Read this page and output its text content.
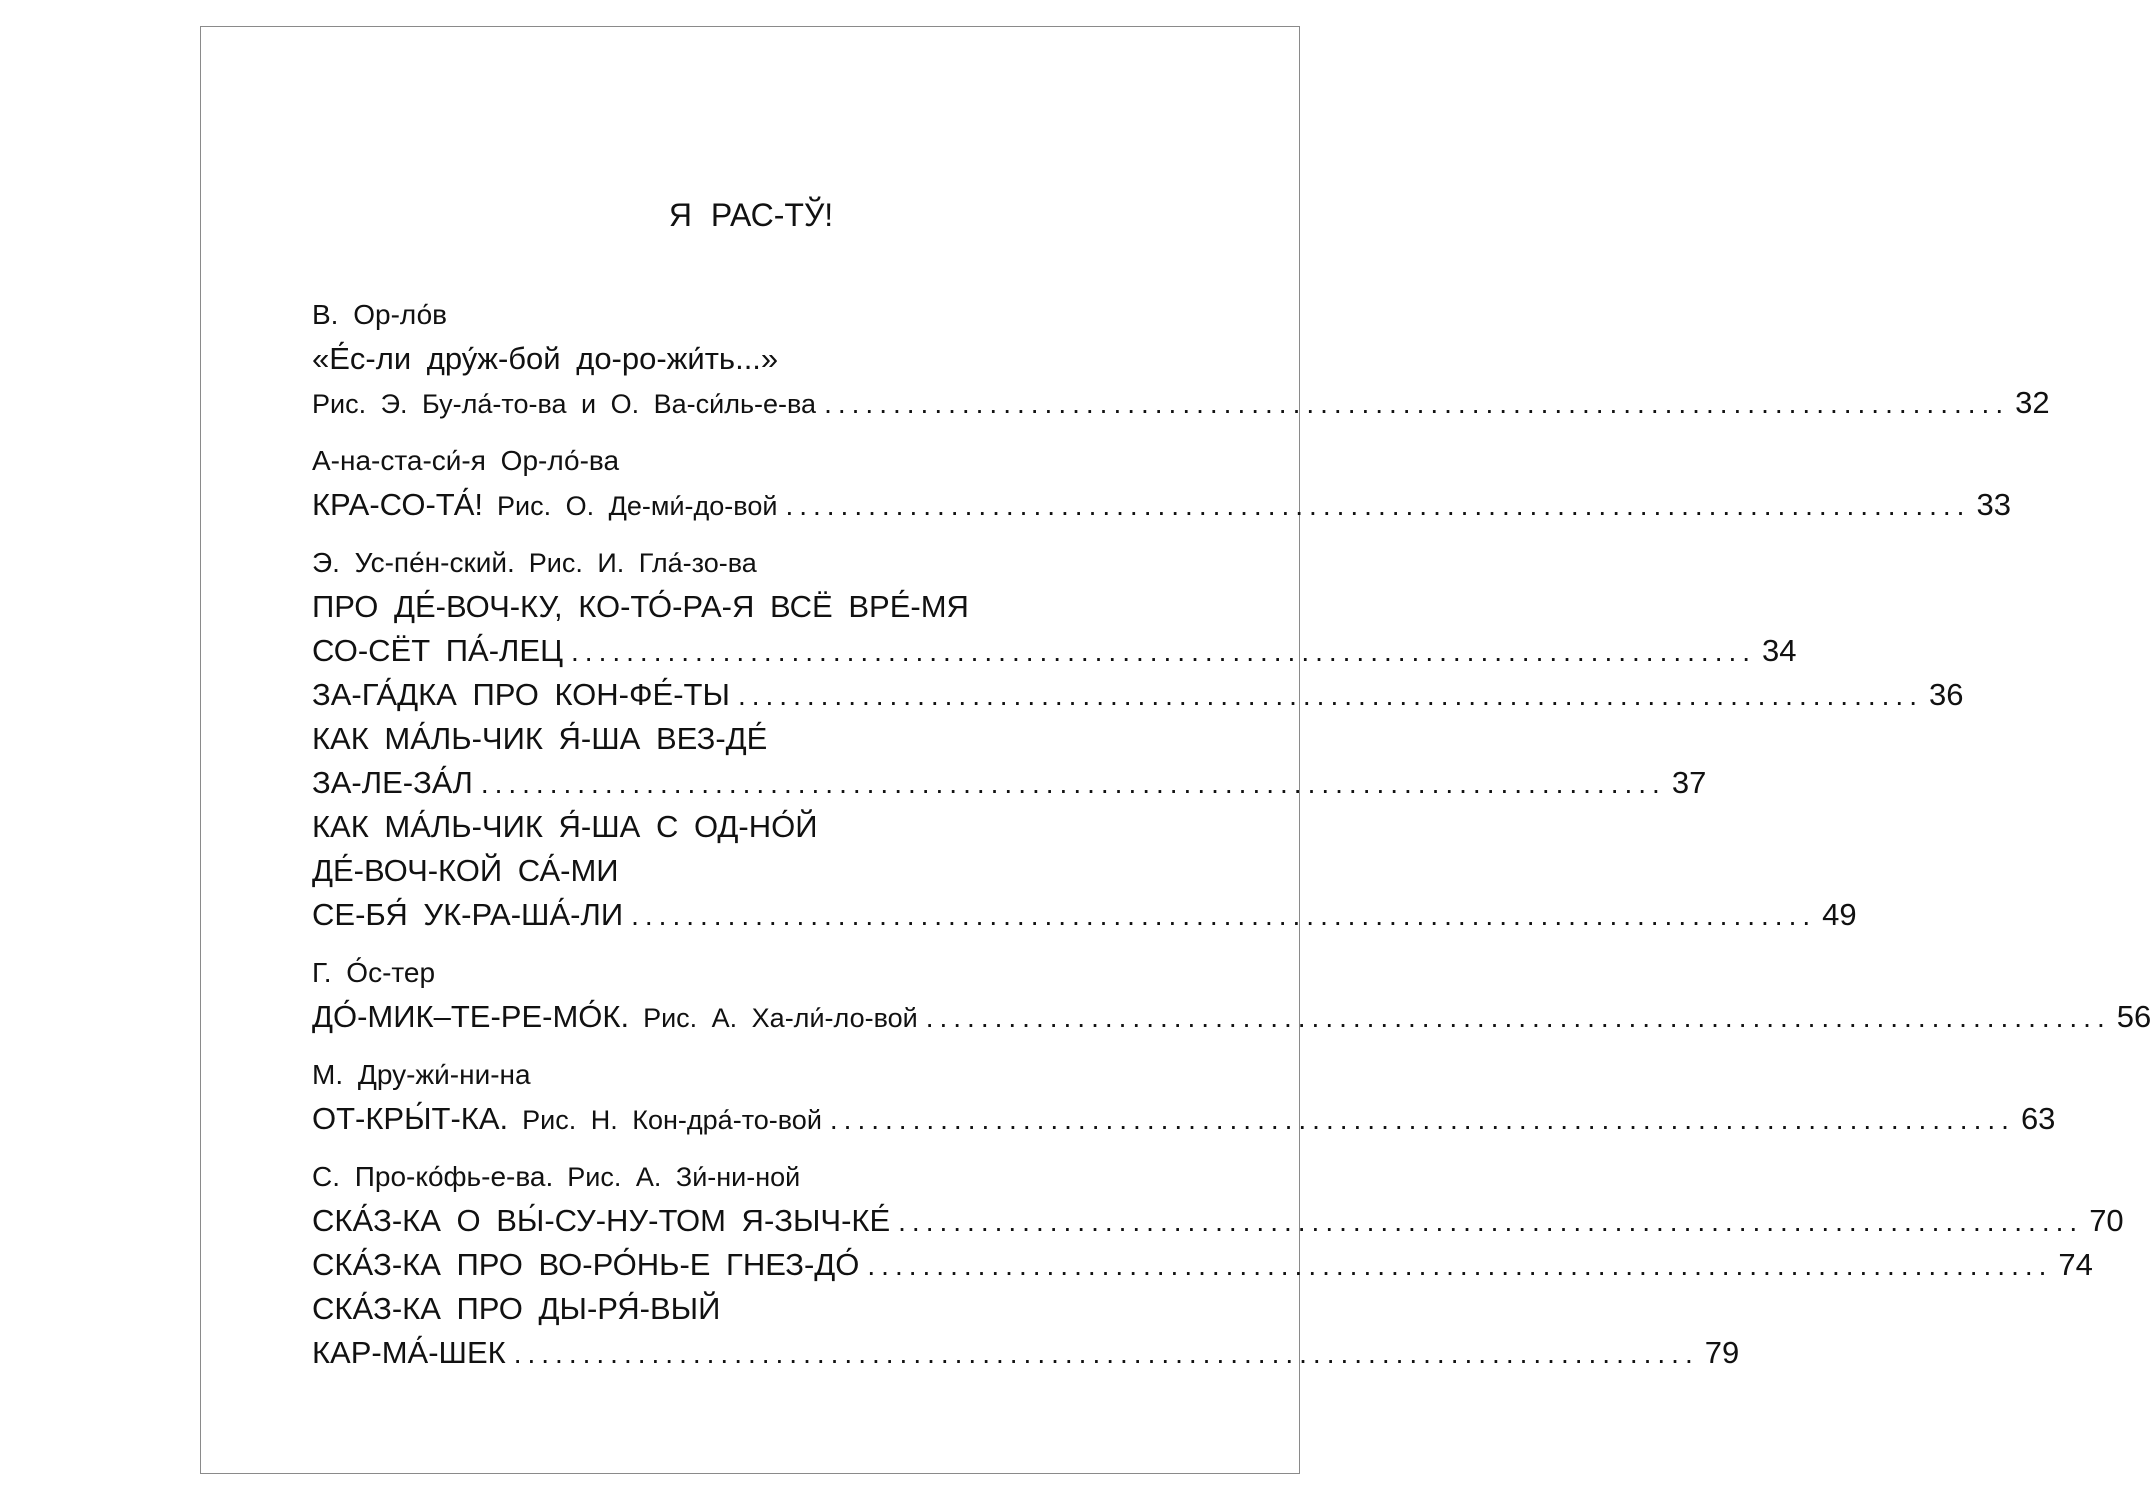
Я РАС-ТЎ!
В. Ор-ло́в
«Е́с-ли дру́ж-бой до-ро-жи́ть...»
Рис. Э. Бу-ла́-то-ва и О. Ва-си́ль-е-ва ...................................................................................... 32
А-на-ста-си́-я Ор-ло́-ва
КРА-СО-ТА́! Рис. О. Де-ми́-до-вой ...................................................................................... 33
Э. Ус-пе́н-ский. Рис. И. Гла́-зо-ва
ПРО ДЕ́-ВОЧ-КУ, КО-ТО́-РА-Я ВСЁ ВРЕ́-МЯ
СО-СЁТ ПА́-ЛЕЦ ...................................................................................... 34
ЗА-ГА́ДКА ПРО КОН-ФЕ́-ТЫ ...................................................................................... 36
КАК МА́ЛЬ-ЧИК Я́-ША ВЕЗ-ДЕ́
ЗА-ЛЕ-ЗА́Л ...................................................................................... 37
КАК МА́ЛЬ-ЧИК Я́-ША С ОД-НО́Й
ДЕ́-ВОЧ-КОЙ СА́-МИ
СЕ-БЯ́ УК-РА-ША́-ЛИ ...................................................................................... 49
Г. О́с-тер
ДО́-МИК–ТЕ-РЕ-МО́К. Рис. А. Ха-ли́-ло-вой ...................................................................................... 56
М. Дру-жи́-ни-на
ОТ-КРЫ́Т-КА. Рис. Н. Кон-дра́-то-вой ...................................................................................... 63
С. Про-ко́фь-е-ва. Рис. А. Зи́-ни-ной
СКА́З-КА О ВЫ́-СУ-НУ-ТОМ Я-ЗЫЧ-КЕ́ ...................................................................................... 70
СКА́З-КА ПРО ВО-РО́НЬ-Е ГНЕЗ-ДО́ ...................................................................................... 74
СКА́З-КА ПРО ДЫ-РЯ́-ВЫЙ
КАР-МА́-ШЕК ...................................................................................... 79
